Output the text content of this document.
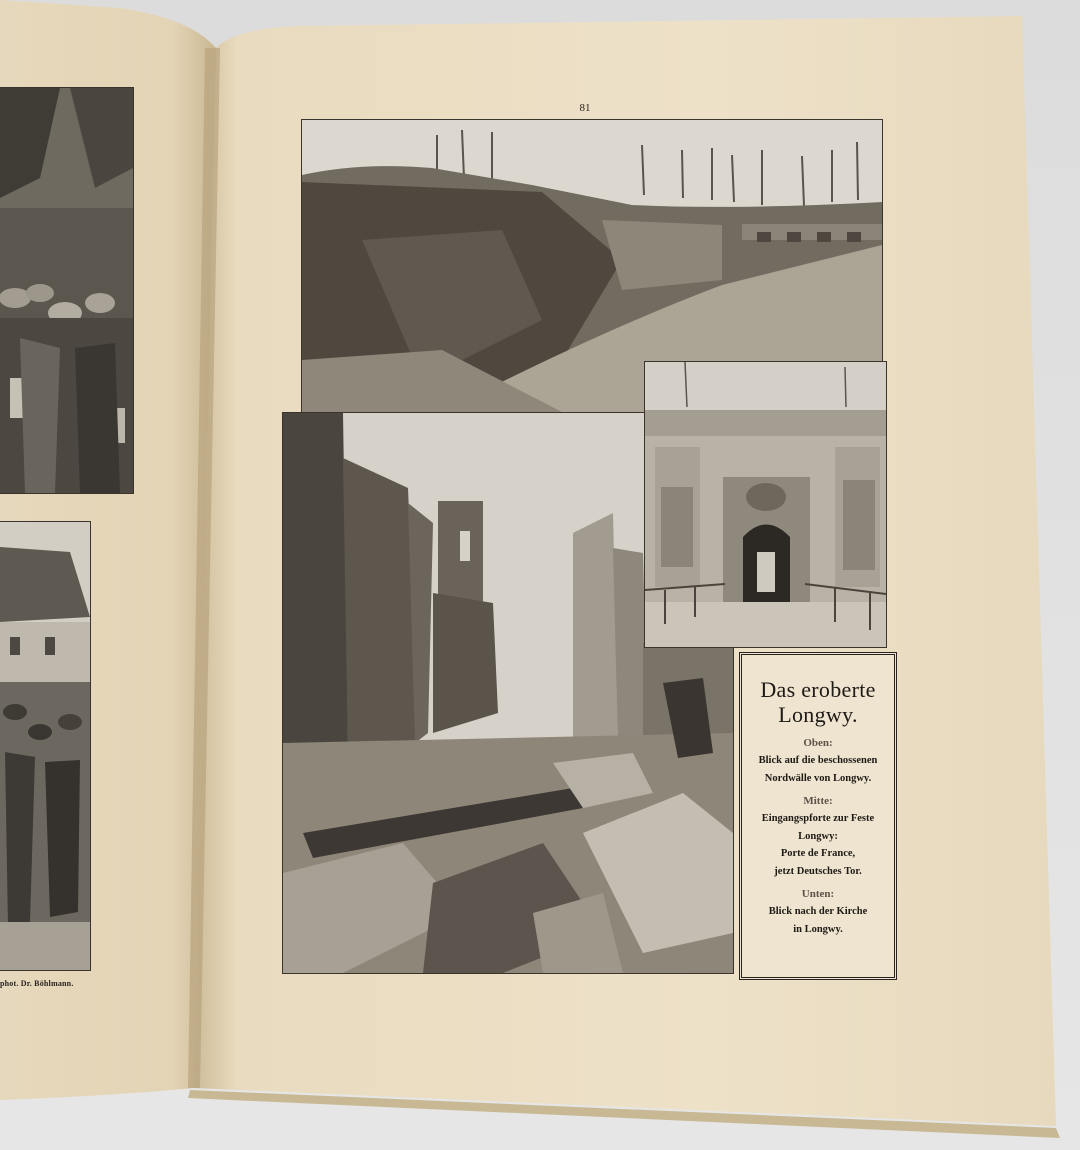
phot. Dr. Böhlmann.
81
Das eroberte
Longwy.
Oben:
Blick auf die beschossenen
Nordwälle von Longwy.
Mitte:
Eingangspforte zur Feste
Longwy:
Porte de France,
jetzt Deutsches Tor.
Unten:
Blick nach der Kirche
in Longwy.
